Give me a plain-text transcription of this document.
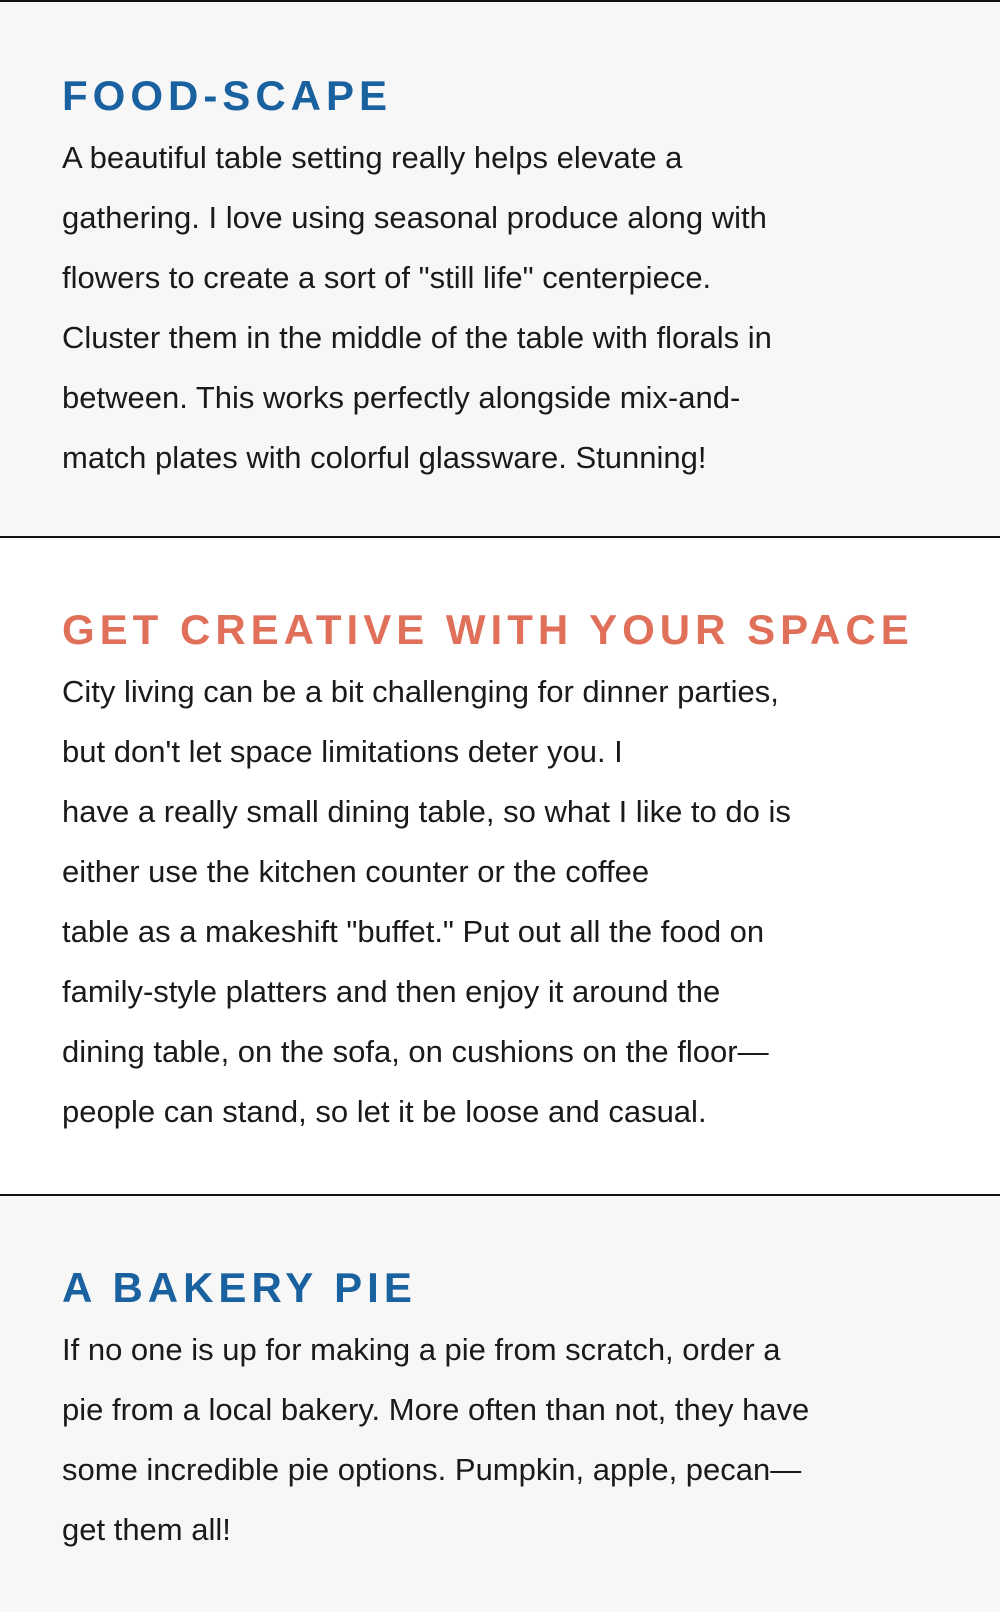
FOOD-SCAPE

A beautiful table setting really helps elevate a
gathering. I love using seasonal produce along with
flowers to create a sort of "still life" centerpiece.
Cluster them in the middle of the table with florals in
between. This works perfectly alongside mix-and-
match plates with colorful glassware. Stunning!

GET CREATIVE WITH YOUR SPACE

City living can be a bit challenging for dinner parties,
but don't let space limitations deter you. I
have a really small dining table, so what I like to do is
either use the kitchen counter or the coffee
table as a makeshift "buffet." Put out all the food on
family-style platters and then enjoy it around the
dining table, on the sofa, on cushions on the floor—
people can stand, so let it be loose and casual.

A BAKERY PIE

If no one is up for making a pie from scratch, order a
pie from a local bakery. More often than not, they have
some incredible pie options. Pumpkin, apple, pecan—
get them all!
